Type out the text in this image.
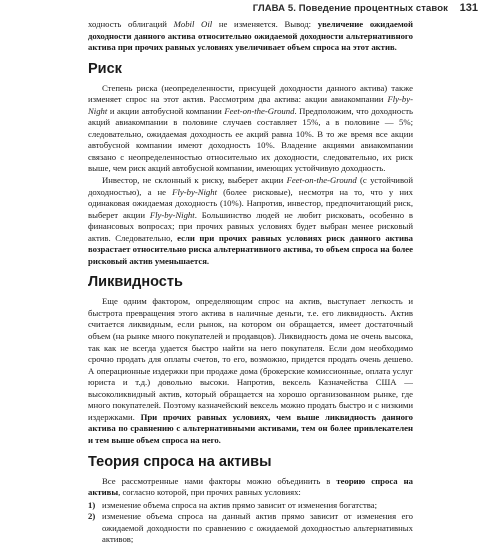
ГЛАВА 5. Поведение процентных ставок 131

ходность облигаций Mobil Oil не изменяется. Вывод: увеличение ожидаемой доходности данного актива относительно ожидаемой доходности альтернативного актива при прочих равных условиях увеличивает объем спроса на этот актив.

Риск

Степень риска (неопределенности, присущей доходности данного актива) также изменяет спрос на этот актив. Рассмотрим два актива: акции авиакомпании Fly-by-Night и акции автобусной компании Feet-on-the-Ground. Предположим, что доходность акций авиакомпании в половине случаев составляет 15%, а в половине — 5%; следовательно, ожидаемая доходность ее акций равна 10%. В то же время все акции автобусной компании имеют доходность 10%. Владение акциями авиакомпании связано с неопределенностью относительно их доходности, следовательно, их риск выше, чем риск акций автобусной компании, имеющих устойчивую доходность.

Инвестор, не склонный к риску, выберет акции Feet-on-the-Ground (с устойчивой доходностью), а не Fly-by-Night (более рисковые), несмотря на то, что у них одинаковая ожидаемая доходность (10%). Напротив, инвестор, предпочитающий риск, выберет акции Fly-by-Night. Большинство людей не любит рисковать, особенно в финансовых вопросах; при прочих равных условиях будет выбран менее рисковый актив. Следовательно, если при прочих равных условиях риск данного актива возрастает относительно риска альтернативного актива, то объем спроса на более рисковый актив уменьшается.

Ликвидность

Еще одним фактором, определяющим спрос на актив, выступает легкость и быстрота превращения этого актива в наличные деньги, т.е. его ликвидность. Актив считается ликвидным, если рынок, на котором он обращается, имеет достаточный объем (на рынке много покупателей и продавцов). Ликвидность дома не очень высока, так как не всегда удается быстро найти на него покупателя. Если дом необходимо срочно продать для оплаты счетов, то его, возможно, придется продать очень дешево. А операционные издержки при продаже дома (брокерские комиссионные, оплата услуг юриста и т.д.) довольно высоки. Напротив, вексель Казначейства США — высоколиквидный актив, который обращается на хорошо организованном рынке, где много покупателей. Поэтому казначейский вексель можно продать быстро и с низкими издержками. При прочих равных условиях, чем выше ликвидность данного актива по сравнению с альтернативными активами, тем он более привлекателен и тем выше объем спроса на него.

Теория спроса на активы

Все рассмотренные нами факторы можно объединить в теорию спроса на активы, согласно которой, при прочих равных условиях:

1) изменение объема спроса на актив прямо зависит от изменения богатства;
2) изменение объема спроса на данный актив прямо зависит от изменения его ожидаемой доходности по сравнению с ожидаемой доходностью альтернативных активов;
